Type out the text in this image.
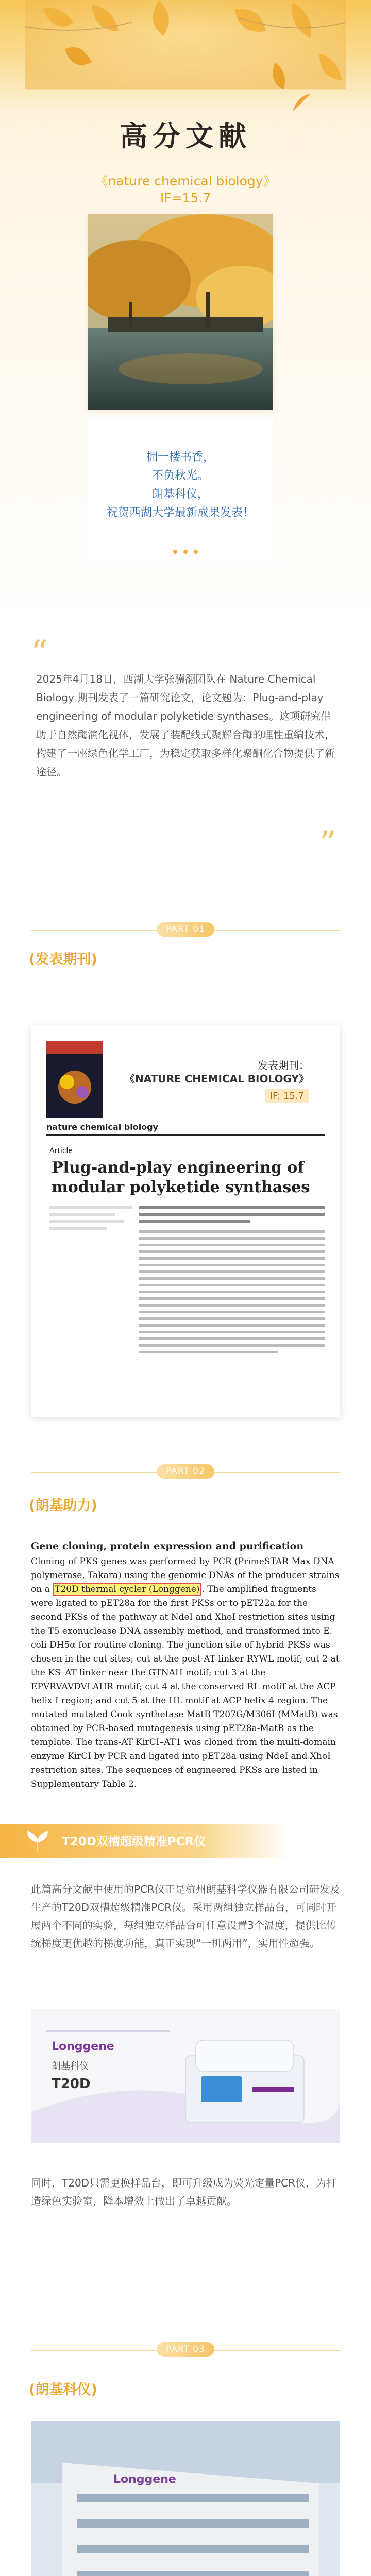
高分文献
《nature chemical biology》
IF=15.7

拥一楼书香，

不负秋光。

朗基科仪，

祝贺西湖大学最新成果发表！

“
2025年4月18日，西湖大学张骥翻团队在 Nature Chemical Biology 期刊发表了一篇研究论文，论文题为：Plug-and-play engineering of modular polyketide synthases。这项研究借助于自然酶演化视体，发展了装配线式聚解合酶的理性重编技术，构建了一座绿色化学工厂，为稳定获取多样化聚酮化合物提供了新途径。
”
PART 01
(发表期刊)
发表期刊：
《NATURE CHEMICAL BIOLOGY》
IF: 15.7
nature chemical biology
Article
Plug-and-play engineering of modular polyketide synthases
PART 02
(朗基助力)
Gene cloning, protein expression and purification
Cloning of PKS genes was performed by PCR (PrimeSTAR Max DNA polymerase, Takara) using the genomic DNAs of the producer strains on a T20D thermal cycler (Longgene) . The amplified fragments were ligated to pET28a for the first PKSs or to pET22a for the second PKSs of the pathway at NdeI and XhoI restriction sites using the T5 exonuclease DNA assembly method, and transformed into E. coli DH5α for routine cloning. The junction site of hybrid PKSs was chosen in the cut sites; cut at the post-AT linker RYWL motif; cut 2 at the KS–AT linker near the GTNAH motif; cut 3 at the EPVRVAVDVLAHR motif; cut 4 at the conserved RL motif at the ACP helix I region; and cut 5 at the HL motif at ACP helix 4 region. The mutated mutated Cook synthetase MatB T207G/M306I (MMatB) was obtained by PCR-based mutagenesis using pET28a-MatB as the template. The trans-AT KirCI–AT1 was cloned from the multi-domain enzyme KirCI by PCR and ligated into pET28a using NdeI and XhoI restriction sites. The sequences of engineered PKSs are listed in Supplementary Table 2.
T20D双槽超级精准PCR仪
此篇高分文献中使用的PCR仪正是杭州朗基科学仪器有限公司研发及生产的T20D双槽超级精准PCR仪。采用两组独立样品台，可同时开展两个不同的实验，每组独立样品台可任意设置3个温度，提供比传统梯度更优越的梯度功能，真正实现“一机两用”，实用性超强。
Longgene
朗基科仪
T20D
同时，T20D只需更换样品台，即可升级成为荧光定量PCR仪，为打造绿色实验室，降本增效上做出了卓越贡献。
PART 03
(朗基科仪)
Longgene
